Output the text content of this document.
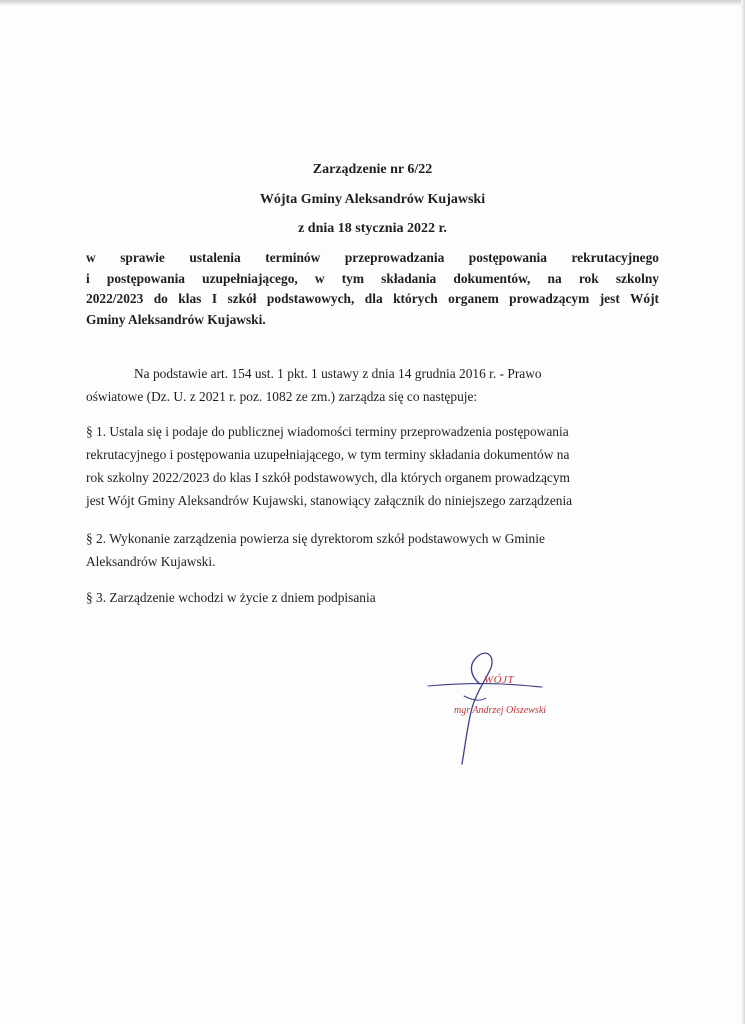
Zarządzenie nr 6/22
Wójta Gminy Aleksandrów Kujawski
z dnia 18 stycznia 2022 r.
w sprawie ustalenia terminów przeprowadzania postępowania rekrutacyjnego
i postępowania uzupełniającego, w tym składania dokumentów, na rok szkolny
2022/2023 do klas I szkół podstawowych, dla których organem prowadzącym jest Wójt
Gminy Aleksandrów Kujawski.
Na podstawie art. 154 ust. 1 pkt. 1 ustawy z dnia 14 grudnia 2016 r. - Prawo
oświatowe (Dz. U. z 2021 r. poz. 1082 ze zm.) zarządza się co następuje:
§ 1. Ustala się i podaje do publicznej wiadomości terminy przeprowadzenia postępowania
rekrutacyjnego i postępowania uzupełniającego, w tym terminy składania dokumentów na
rok szkolny 2022/2023 do klas I szkół podstawowych, dla których organem prowadzącym
jest Wójt Gminy Aleksandrów Kujawski, stanowiący załącznik do niniejszego zarządzenia
§ 2. Wykonanie zarządzenia powierza się dyrektorom szkół podstawowych w Gminie
Aleksandrów Kujawski.
§ 3. Zarządzenie wchodzi w życie z dniem podpisania
WÓJT
mgr Andrzej Olszewski
